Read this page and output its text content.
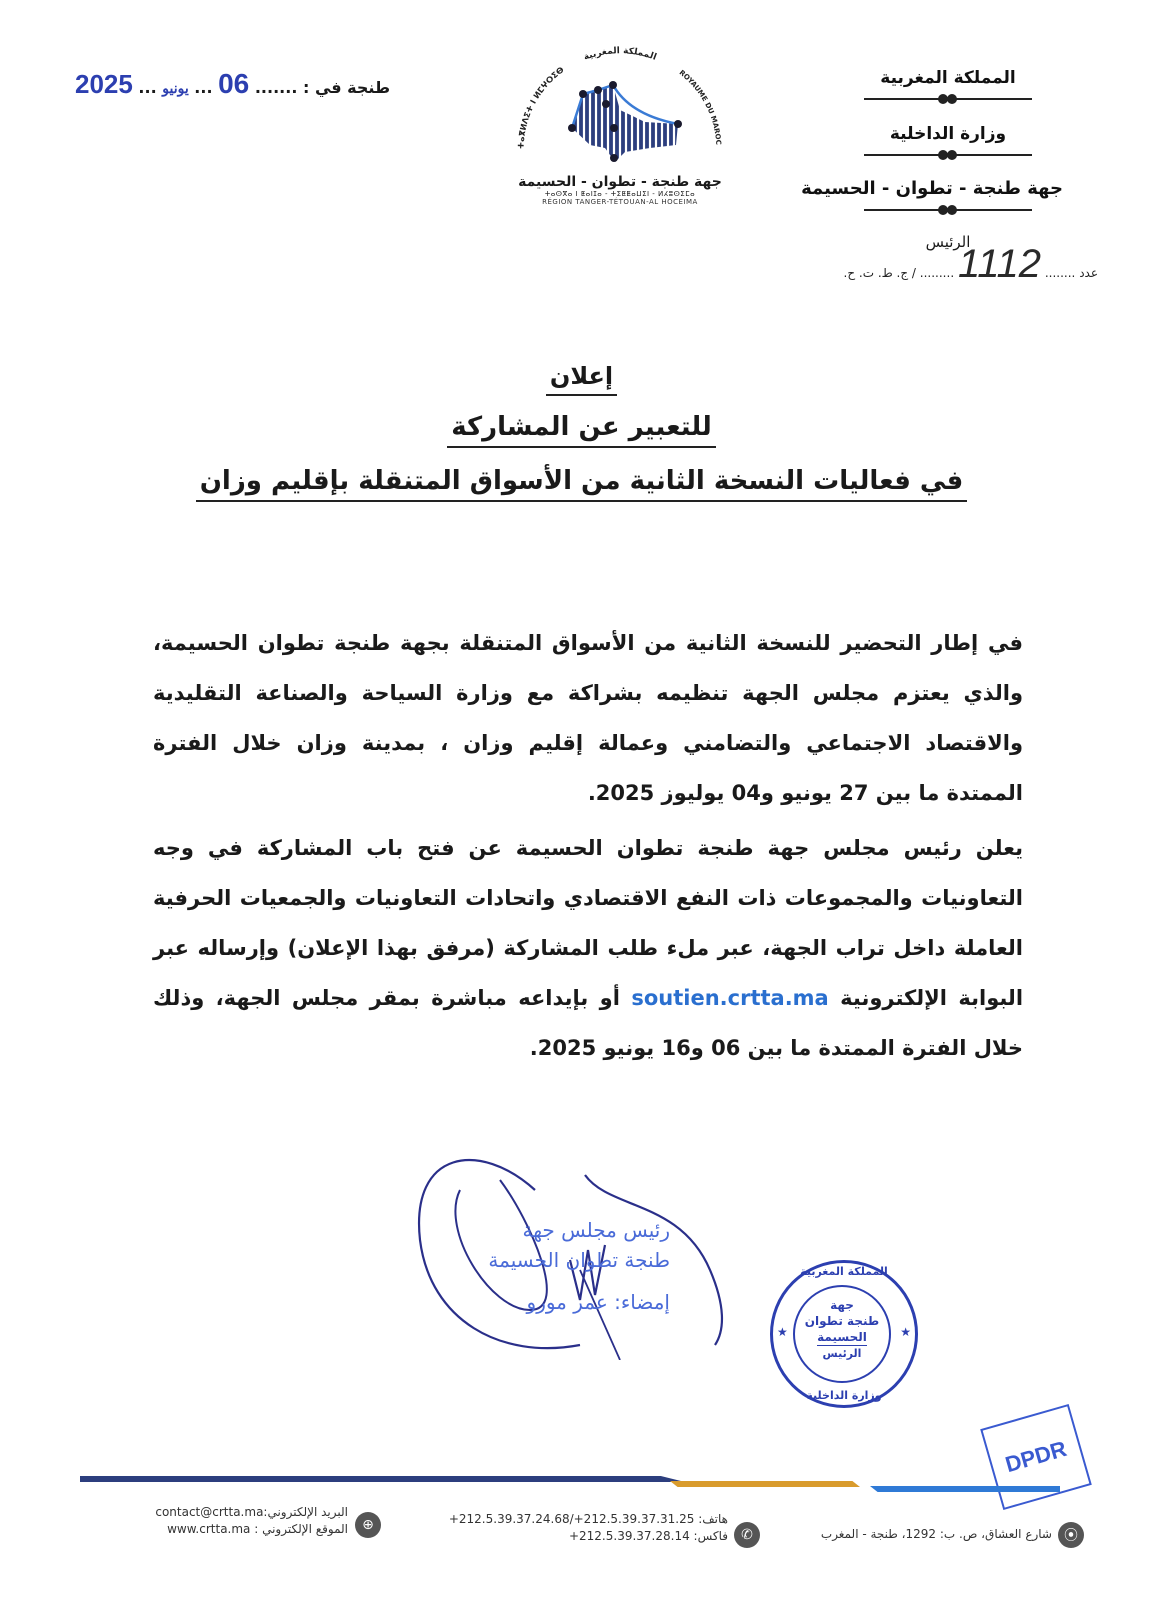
المملكة المغربية
وزارة الداخلية
جهة طنجة - تطوان - الحسيمة
الرئيس
عدد ........ 1112 ......... / ج. ط. ت. ح.
طنجة في : ....... 06 ... يونيو ... 2025
ⵜⴰⴳⵍⴷⵉⵜ ⵏ ⵍⵎⵖⵔⵉⴱ
المملكة المغربية
ROYAUME DU MAROC
جهة طنجة - تطوان - الحسيمة
ⵜⴰⵙⴳⴰ ⵏ ⵟⴰⵏⵊⴰ - ⵜⵉⵟⵟⴰⵡⵉⵏ - ⵍⵃⵓⵙⵉⵎⴰ
RÉGION TANGER-TÉTOUAN-AL HOCEIMA
إعلان
للتعبير عن المشاركة
في فعاليات النسخة الثانية من الأسواق المتنقلة بإقليم وزان
في إطار التحضير للنسخة الثانية من الأسواق المتنقلة بجهة طنجة تطوان الحسيمة، والذي يعتزم مجلس الجهة تنظيمه بشراكة مع وزارة السياحة والصناعة التقليدية والاقتصاد الاجتماعي والتضامني وعمالة إقليم وزان ، بمدينة وزان خلال الفترة الممتدة ما بين 27 يونيو و04 يوليوز 2025.
يعلن رئيس مجلس جهة طنجة تطوان الحسيمة عن فتح باب المشاركة في وجه التعاونيات والمجموعات ذات النفع الاقتصادي واتحادات التعاونيات والجمعيات الحرفية العاملة داخل تراب الجهة، عبر ملء طلب المشاركة (مرفق بهذا الإعلان) وإرساله عبر البوابة الإلكترونية soutien.crtta.ma أو بإيداعه مباشرة بمقر مجلس الجهة، وذلك خلال الفترة الممتدة ما بين 06 و16 يونيو 2025.
رئيس مجلس جهة
طنجة تطوان الحسيمة
إمضاء: عمر مورو
المملكة المغربية
★	★
جهة
طنجة تطوان
الحسيمة
الرئيس
وزارة الداخلية
DPDR
⦿
شارع العشاق، ص. ب: 1292، طنجة - المغرب
✆
هاتف: +212.5.39.37.24.68/+212.5.39.37.31.25
فاكس: +212.5.39.37.28.14
⊕
البريد الإلكتروني:contact@crtta.ma
الموقع الإلكتروني : www.crtta.ma
